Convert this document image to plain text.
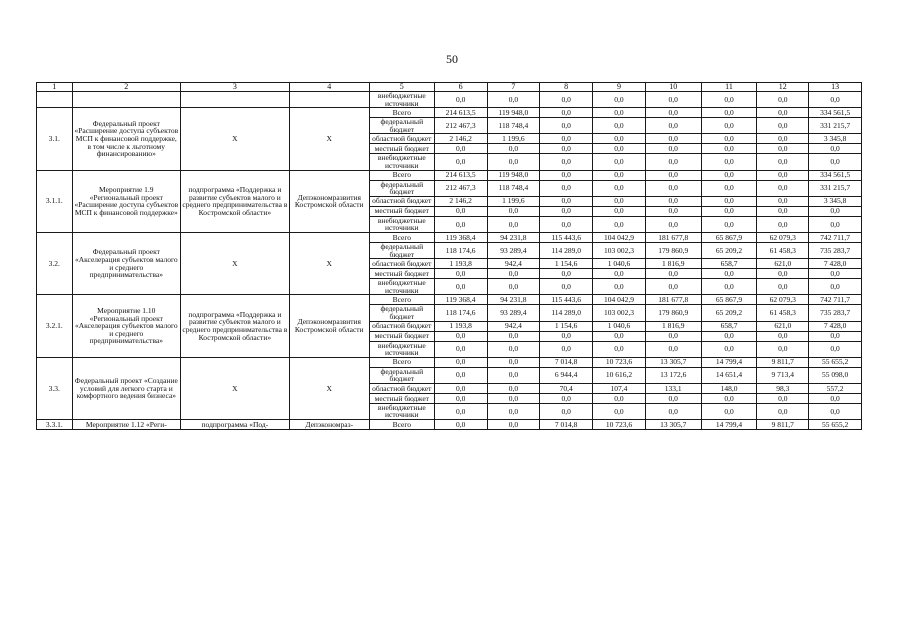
50
1	2	3	4	5	6	7	8	9	10	11	12	13
				внебюджетные источники	0,0	0,0	0,0	0,0	0,0	0,0	0,0	0,0
3.1.	Федеральный проект «Расширение доступа субъектов МСП к финансовой поддержке, в том числе к льготному финансированию»	X	X	Всего	214 613,5	119 948,0	0,0	0,0	0,0	0,0	0,0	334 561,5
				федеральный бюджет	212 467,3	118 748,4	0,0	0,0	0,0	0,0	0,0	331 215,7
				областной бюджет	2 146,2	1 199,6	0,0	0,0	0,0	0,0	0,0	3 345,8
				местный бюджет	0,0	0,0	0,0	0,0	0,0	0,0	0,0	0,0
				внебюджетные источники	0,0	0,0	0,0	0,0	0,0	0,0	0,0	0,0
3.1.1.	Мероприятие 1.9 «Региональный проект «Расширение доступа субъектов МСП к финансовой поддержке»	подпрограмма «Поддержка и развитие субъектов малого и среднего предпринимательства в Костромской области»	Депэкономразвития Костромской области	Всего	214 613,5	119 948,0	0,0	0,0	0,0	0,0	0,0	334 561,5
				федеральный бюджет	212 467,3	118 748,4	0,0	0,0	0,0	0,0	0,0	331 215,7
				областной бюджет	2 146,2	1 199,6	0,0	0,0	0,0	0,0	0,0	3 345,8
				местный бюджет	0,0	0,0	0,0	0,0	0,0	0,0	0,0	0,0
				внебюджетные источники	0,0	0,0	0,0	0,0	0,0	0,0	0,0	0,0
3.2.	Федеральный проект «Акселерация субъектов малого и среднего предпринимательства»	X	X	Всего	119 368,4	94 231,8	115 443,6	104 042,9	181 677,8	65 867,9	62 079,3	742 711,7
				федеральный бюджет	118 174,6	93 289,4	114 289,0	103 002,3	179 860,9	65 209,2	61 458,3	735 283,7
				областной бюджет	1 193,8	942,4	1 154,6	1 040,6	1 816,9	658,7	621,0	7 428,0
				местный бюджет	0,0	0,0	0,0	0,0	0,0	0,0	0,0	0,0
				внебюджетные источники	0,0	0,0	0,0	0,0	0,0	0,0	0,0	0,0
3.2.1.	Мероприятие 1.10 «Региональный проект «Акселерация субъектов малого и среднего предпринимательства»	подпрограмма «Поддержка и развитие субъектов малого и среднего предпринимательства в Костромской области»	Депэкономразвития Костромской области	Всего	119 368,4	94 231,8	115 443,6	104 042,9	181 677,8	65 867,9	62 079,3	742 711,7
				федеральный бюджет	118 174,6	93 289,4	114 289,0	103 002,3	179 860,9	65 209,2	61 458,3	735 283,7
				областной бюджет	1 193,8	942,4	1 154,6	1 040,6	1 816,9	658,7	621,0	7 428,0
				местный бюджет	0,0	0,0	0,0	0,0	0,0	0,0	0,0	0,0
				внебюджетные источники	0,0	0,0	0,0	0,0	0,0	0,0	0,0	0,0
3.3.	Федеральный проект «Создание условий для легкого старта и комфортного ведения бизнеса»	X	X	Всего	0,0	0,0	7 014,8	10 723,6	13 305,7	14 799,4	9 811,7	55 655,2
				федеральный бюджет	0,0	0,0	6 944,4	10 616,2	13 172,6	14 651,4	9 713,4	55 098,0
				областной бюджет	0,0	0,0	70,4	107,4	133,1	148,0	98,3	557,2
				местный бюджет	0,0	0,0	0,0	0,0	0,0	0,0	0,0	0,0
				внебюджетные источники	0,0	0,0	0,0	0,0	0,0	0,0	0,0	0,0
3.3.1.	Мероприятие 1.12 «Реги-	подпрограмма «Под-	Депэкономраз-	Всего	0,0	0,0	7 014,8	10 723,6	13 305,7	14 799,4	9 811,7	55 655,2
